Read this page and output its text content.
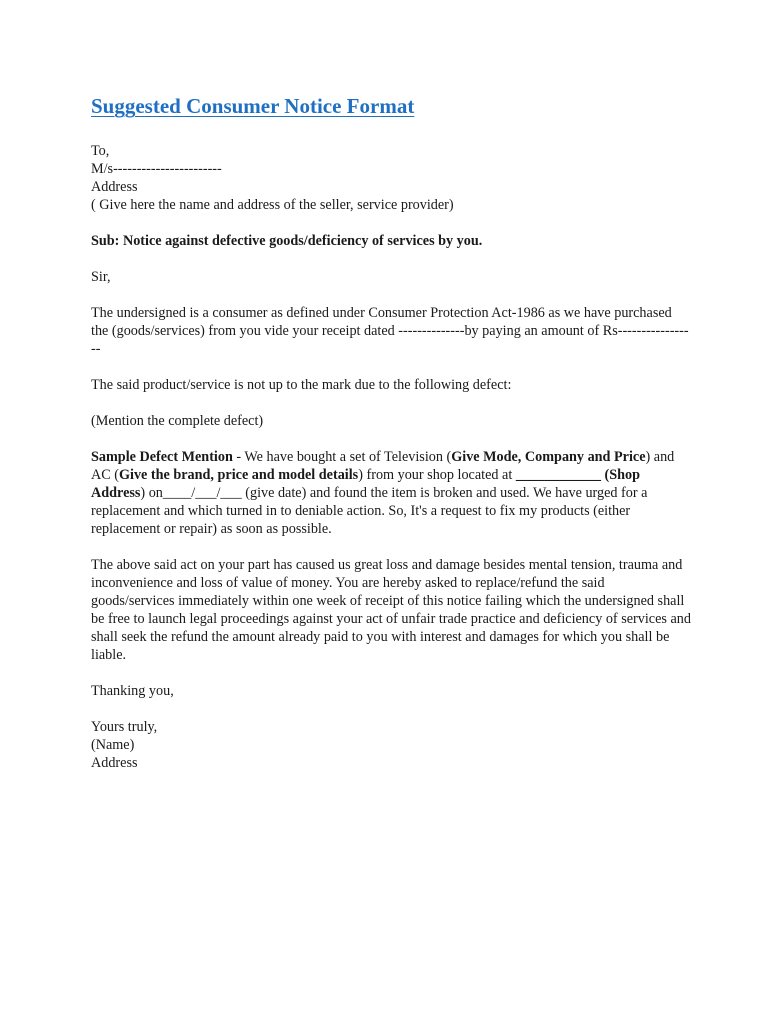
Suggested Consumer Notice Format
To,
M/s-----------------------
Address
( Give here the name and address of the seller, service provider)
Sub: Notice against defective goods/deficiency of services by you.
Sir,
The undersigned is a consumer as defined under Consumer Protection Act-1986 as we have purchased the (goods/services) from you vide your receipt dated --------------by paying an amount of Rs-----------------
The said product/service is not up to the mark due to the following defect:
(Mention the complete defect)
Sample Defect Mention - We have bought a set of Television (Give Mode, Company and Price) and AC (Give the brand, price and model details) from your shop located at ____________ (Shop Address) on____/___/___ (give date) and found the item is broken and used. We have urged for a replacement and which turned in to deniable action. So, It's a request to fix my products (either replacement or repair) as soon as possible.
The above said act on your part has caused us great loss and damage besides mental tension, trauma and inconvenience and loss of value of money. You are hereby asked to replace/refund the said goods/services immediately within one week of receipt of this notice failing which the undersigned shall be free to launch legal proceedings against your act of unfair trade practice and deficiency of services and shall seek the refund the amount already paid to you with interest and damages for which you shall be liable.
Thanking you,
Yours truly,
(Name)
Address
